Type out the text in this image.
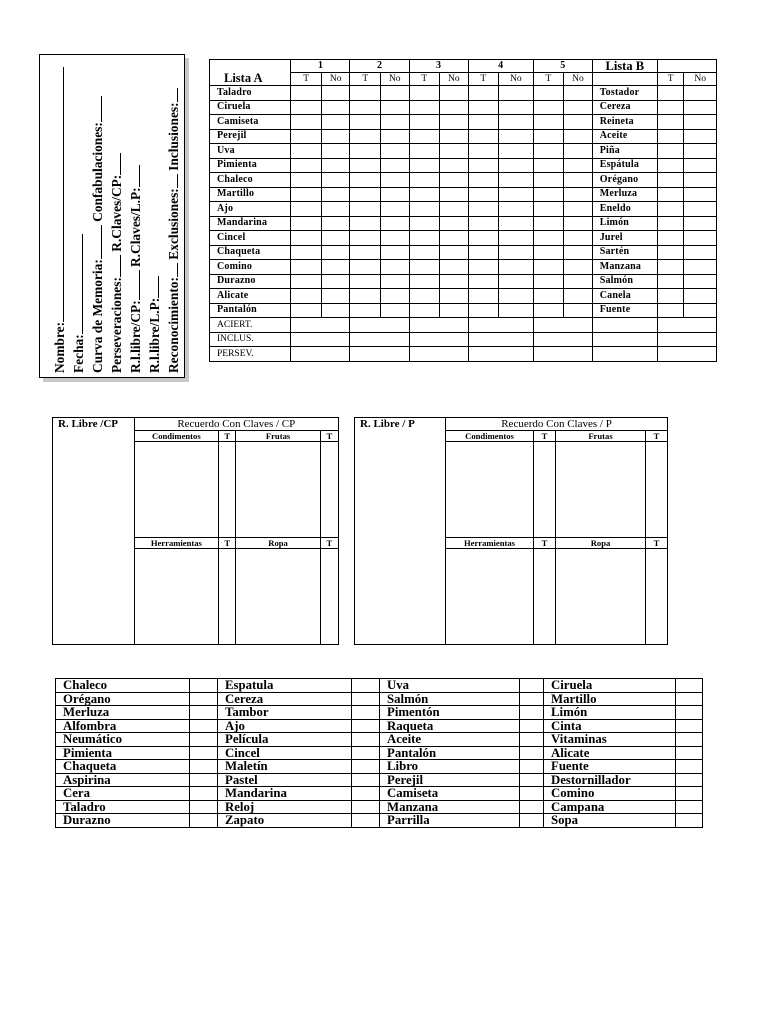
Nombre: Fecha: Curva de Memoria: Confabulaciones:
Perseveraciones: R.Claves/CP:
R.l.libre/CP: R.Claves/L.P:
R.l.libre/L.P: Reconocimiento: Exclusiones: Inclusiones:
Lista A	1		2		3		4		5		Lista B		
	T	No	T	No	T	No	T	No	T	No		T	No
Taladro											Tostador		
Ciruela											Cereza		
Camiseta											Reineta		
Perejil											Aceite		
Uva											Piña		
Pimienta											Espátula		
Chaleco											Orégano		
Martillo											Merluza		
Ajo											Eneldo		
Mandarina											Limón		
Cincel											Jurel		
Chaqueta											Sartén		
Comino											Manzana		
Durazno											Salmón		
Alicate											Canela		
Pantalón											Fuente		
ACIERT.													
INCLUS.													
PERSEV.													
R. Libre /CP	Recuerdo Con Claves / CP			
	Condimentos	T	Frutas	T

	Herramientas	T	Ropa	T

R. Libre / P	Recuerdo Con Claves / P			
	Condimentos	T	Frutas	T

	Herramientas	T	Ropa	T

Chaleco		Espatula		Uva		Ciruela	
Orégano		Cereza		Salmón		Martillo	
Merluza		Tambor		Pimentón		Limón	
Alfombra		Ajo		Raqueta		Cinta	
Neumático		Película		Aceite		Vitaminas	
Pimienta		Cincel		Pantalón		Alicate	
Chaqueta		Maletín		Libro		Fuente	
Aspirina		Pastel		Perejil		Destornillador	
Cera		Mandarina		Camiseta		Comino	
Taladro		Reloj		Manzana		Campana	
Durazno		Zapato		Parrilla		Sopa	
